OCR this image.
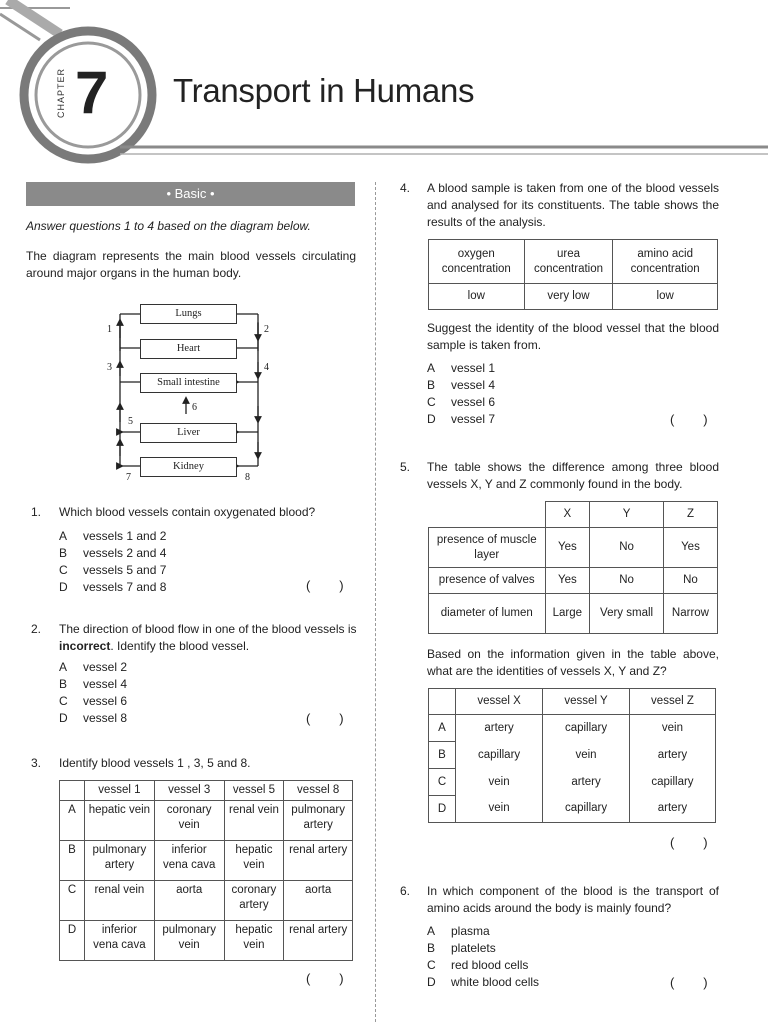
CHAPTER 7 Transport in Humans
• Basic •
Answer questions 1 to 4 based on the diagram below.
The diagram represents the main blood vessels circulating around major organs in the human body.
Lungs
Heart
Small intestine
Liver
Kidney
1	2
3	4
5
6
7	8
1. Which blood vessels contain oxygenated blood?
A vessels 1 and 2
B vessels 2 and 4
C vessels 5 and 7
D vessels 7 and 8	(        )
2. The direction of blood flow in one of the blood vessels is incorrect. Identify the blood vessel.
A vessel 2
B vessel 4
C vessel 6
D vessel 8	(        )
3. Identify blood vessels 1 , 3, 5 and 8.
	vessel 1	vessel 3	vessel 5	vessel 8
A	hepatic vein	coronary vein	renal vein	pulmonary artery
B	pulmonary artery	inferior vena cava	hepatic vein	renal artery
C	renal vein	aorta	coronary artery	aorta
D	inferior vena cava	pulmonary vein	hepatic vein	renal artery
(        )
4. A blood sample is taken from one of the blood vessels and analysed for its constituents. The table shows the results of the analysis.
oxygen concentration	urea concentration	amino acid concentration
low	very low	low
Suggest the identity of the blood vessel that the blood sample is taken from.
A vessel 1
B vessel 4
C vessel 6
D vessel 7	(        )
5. The table shows the difference among three blood vessels X, Y and Z commonly found in the body.
	X	Y	Z
presence of muscle layer	Yes	No	Yes
presence of valves	Yes	No	No
diameter of lumen	Large	Very small	Narrow
Based on the information given in the table above, what are the identities of vessels X, Y and Z?
	vessel X	vessel Y	vessel Z
A	artery	capillary	vein
B	capillary	vein	artery
C	vein	artery	capillary
D	vein	capillary	artery
(        )
6. In which component of the blood is the transport of amino acids around the body is mainly found?
A plasma
B platelets
C red blood cells
D white blood cells	(        )
